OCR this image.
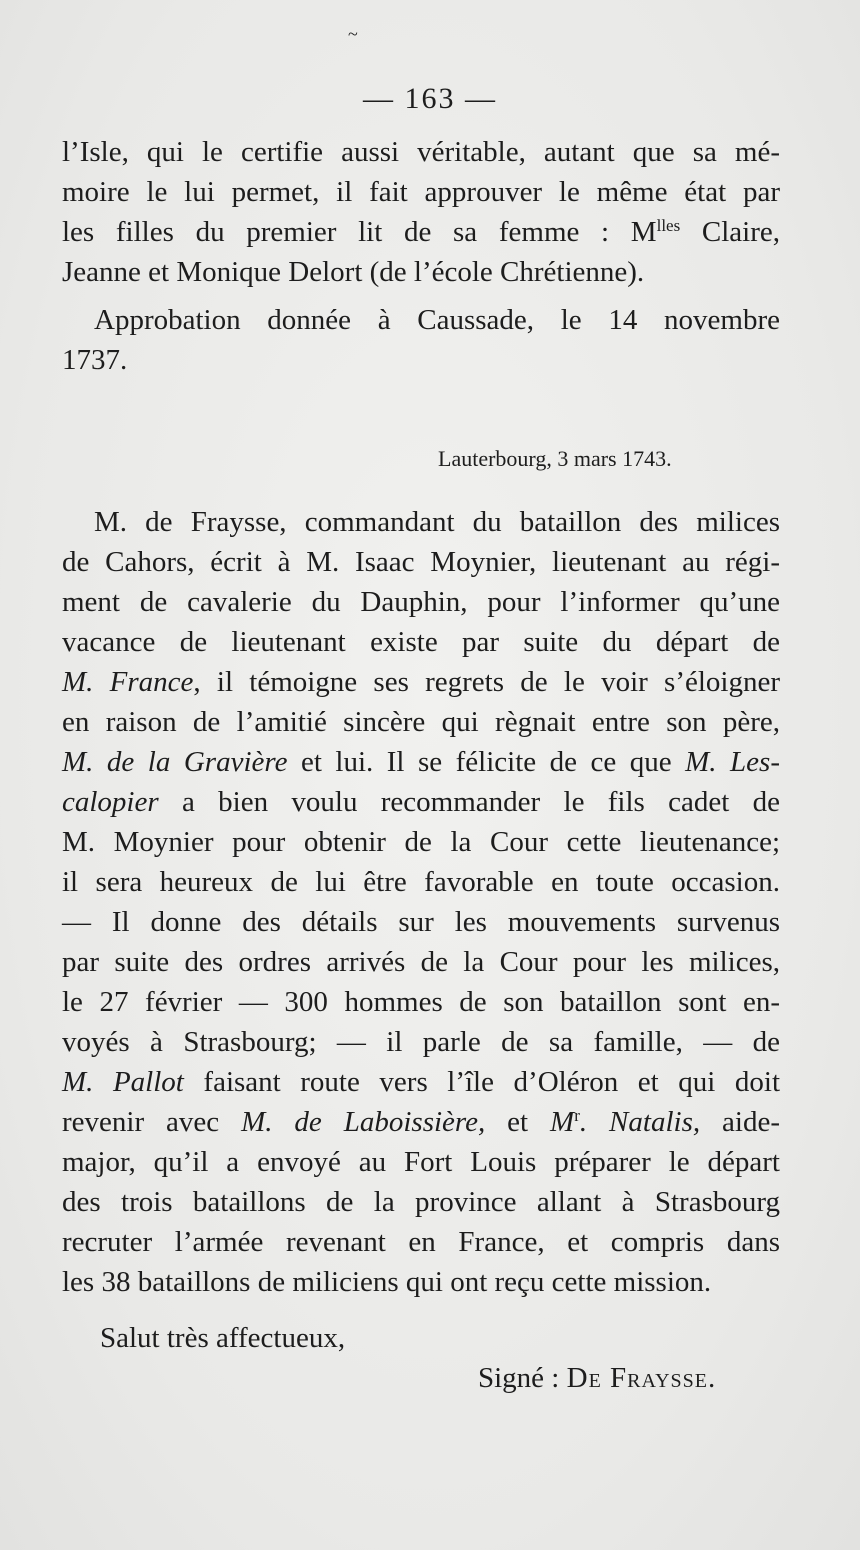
~
— 163 —
l’Isle, qui le certifie aussi véritable, autant que sa mé-
moire le lui permet, il fait approuver le même état par
les filles du premier lit de sa femme : $M^{lles}$ Claire,
Jeanne et Monique Delort (de l’école Chrétienne).
Approbation donnée à Caussade, le 14 novembre
1737.
Lauterbourg, 3 mars 1743.
M. de Fraysse, commandant du bataillon des milices
de Cahors, écrit à M. Isaac Moynier, lieutenant au régi-
ment de cavalerie du Dauphin, pour l’informer qu’une
vacance de lieutenant existe par suite du départ de
M. France, il témoigne ses regrets de le voir s’éloigner
en raison de l’amitié sincère qui règnait entre son père,
M. de la Gravière et lui. Il se félicite de ce que M. Les-
calopier a bien voulu recommander le fils cadet de
M. Moynier pour obtenir de la Cour cette lieutenance;
il sera heureux de lui être favorable en toute occasion.
— Il donne des détails sur les mouvements survenus
par suite des ordres arrivés de la Cour pour les milices,
le 27 février — 300 hommes de son bataillon sont en-
voyés à Strasbourg; — il parle de sa famille, — de
M. Pallot faisant route vers l’île d’Oléron et qui doit
revenir avec M. de Laboissière, et $M^r$. Natalis, aide-
major, qu’il a envoyé au Fort Louis préparer le départ
des trois bataillons de la province allant à Strasbourg
recruter l’armée revenant en France, et compris dans
les 38 bataillons de miliciens qui ont reçu cette mission.
Salut très affectueux,
Signé : De Fraysse.
